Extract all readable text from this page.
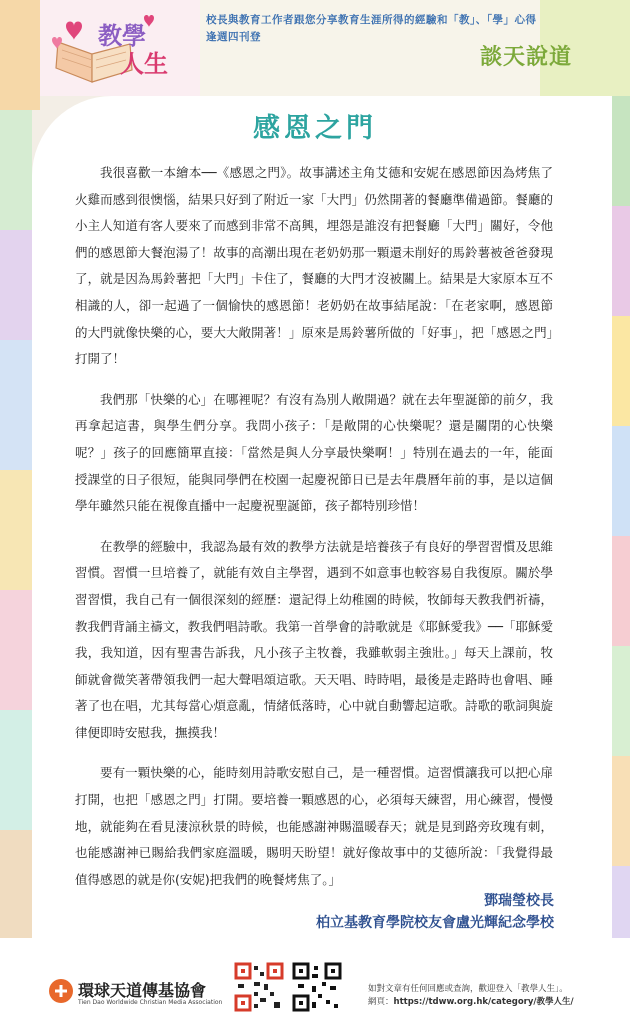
教學
人生
校長與教育工作者跟您分享教育生涯所得的經驗和「教」、「學」心得
逢週四刊登
談天說道
感恩之門

我很喜歡一本繪本──《感恩之門》。故事講述主角艾德和安妮在感恩節因為烤焦了火雞而感到很懊惱，結果只好到了附近一家「大門」仍然開著的餐廳準備過節。餐廳的小主人知道有客人要來了而感到非常不高興，埋怨是誰沒有把餐廳「大門」關好，令他們的感恩節大餐泡湯了！故事的高潮出現在老奶奶那一顆還未削好的馬鈴薯被爸爸發現了，就是因為馬鈴薯把「大門」卡住了，餐廳的大門才沒被關上。結果是大家原本互不相識的人，卻一起過了一個愉快的感恩節！老奶奶在故事結尾說：「在老家啊，感恩節的大門就像快樂的心，要大大敞開著！」原來是馬鈴薯所做的「好事」，把「感恩之門」打開了！

我們那「快樂的心」在哪裡呢？有沒有為別人敞開過？就在去年聖誕節的前夕，我再拿起這書，與學生們分享。我問小孩子：「是敞開的心快樂呢？還是關閉的心快樂呢？」孩子的回應簡單直接：「當然是與人分享最快樂啊！」特別在過去的一年，能面授課堂的日子很短，能與同學們在校園一起慶祝節日已是去年農曆年前的事，是以這個學年雖然只能在視像直播中一起慶祝聖誕節，孩子都特別珍惜！

在教學的經驗中，我認為最有效的教學方法就是培養孩子有良好的學習習慣及思維習慣。習慣一旦培養了，就能有效自主學習，遇到不如意事也較容易自我復原。關於學習習慣，我自己有一個很深刻的經歷：還記得上幼稚園的時候，牧師每天教我們祈禱，教我們背誦主禱文，教我們唱詩歌。我第一首學會的詩歌就是《耶穌愛我》──「耶穌愛我，我知道，因有聖書告訴我，凡小孩子主牧養，我雖軟弱主強壯。」每天上課前，牧師就會微笑著帶領我們一起大聲唱頌這歌。天天唱、時時唱，最後是走路時也會唱、睡著了也在唱，尤其每當心煩意亂，情緒低落時，心中就自動響起這歌。詩歌的歌詞與旋律便即時安慰我，撫摸我！

要有一顆快樂的心，能時刻用詩歌安慰自己，是一種習慣。這習慣讓我可以把心扉打開，也把「感恩之門」打開。要培養一顆感恩的心，必須每天練習，用心練習，慢慢地，就能夠在看見淒涼秋景的時候，也能感謝神賜溫暖春天；就是見到路旁玫瑰有刺，也能感謝神已賜給我們家庭溫暖，賜明天盼望！就好像故事中的艾德所說：「我覺得最值得感恩的就是你(安妮)把我們的晚餐烤焦了。」

鄧瑞瑩校長
柏立基教育學院校友會盧光輝紀念學校
環球天道傳基協會
Tien Dao Worldwide Christian Media Association
如對文章有任何回應或查詢，歡迎登入「教學人生」。
網頁：https://tdww.org.hk/category/教學人生/
